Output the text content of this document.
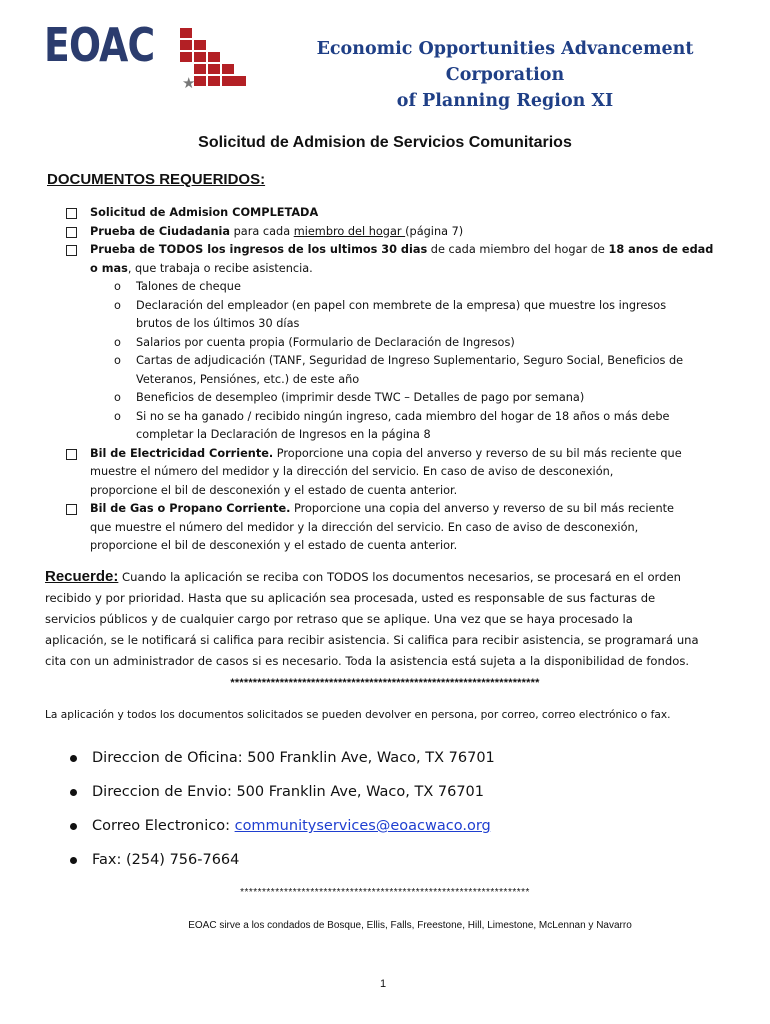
EOAC
★
Economic Opportunities Advancement Corporation
of Planning Region XI
Solicitud de Admision de Servicios Comunitarios
DOCUMENTOS REQUERIDOS:
Solicitud de Admision COMPLETADA
Prueba de Ciudadania para cada miembro del hogar (página 7)
Prueba de TODOS los ingresos de los ultimos 30 dias de cada miembro del hogar de 18 anos de edad
o mas, que trabaja o recibe asistencia.
o Talones de cheque
o Declaración del empleador (en papel con membrete de la empresa) que muestre los ingresos
brutos de los últimos 30 días
o Salarios por cuenta propia (Formulario de Declaración de Ingresos)
o Cartas de adjudicación (TANF, Seguridad de Ingreso Suplementario, Seguro Social, Beneficios de
Veteranos, Pensiónes, etc.) de este año
o Beneficios de desempleo (imprimir desde TWC – Detalles de pago por semana)
o Si no se ha ganado / recibido ningún ingreso, cada miembro del hogar de 18 años o más debe
completar la Declaración de Ingresos en la página 8
Bil de Electricidad Corriente. Proporcione una copia del anverso y reverso de su bil más reciente que
muestre el número del medidor y la dirección del servicio. En caso de aviso de desconexión,
proporcione el bil de desconexión y el estado de cuenta anterior.
Bil de Gas o Propano Corriente. Proporcione una copia del anverso y reverso de su bil más reciente
que muestre el número del medidor y la dirección del servicio. En caso de aviso de desconexión,
proporcione el bil de desconexión y el estado de cuenta anterior.
Recuerde: Cuando la aplicación se reciba con TODOS los documentos necesarios, se procesará en el orden
recibido y por prioridad. Hasta que su aplicación sea procesada, usted es responsable de sus facturas de
servicios públicos y de cualquier cargo por retraso que se aplique. Una vez que se haya procesado la
aplicación, se le notificará si califica para recibir asistencia. Si califica para recibir asistencia, se programará una
cita con un administrador de casos si es necesario. Toda la asistencia está sujeta a la disponibilidad de fondos.
*********************************************************************
La aplicación y todos los documentos solicitados se pueden devolver en persona, por correo, correo electrónico o fax.
Direccion de Oficina: 500 Franklin Ave, Waco, TX 76701
Direccion de Envio: 500 Franklin Ave, Waco, TX 76701
Correo Electronico: communityservices@eoacwaco.org
Fax: (254) 756-7664
******************************************************************
EOAC sirve a los condados de Bosque, Ellis, Falls, Freestone, Hill, Limestone, McLennan y Navarro
1
